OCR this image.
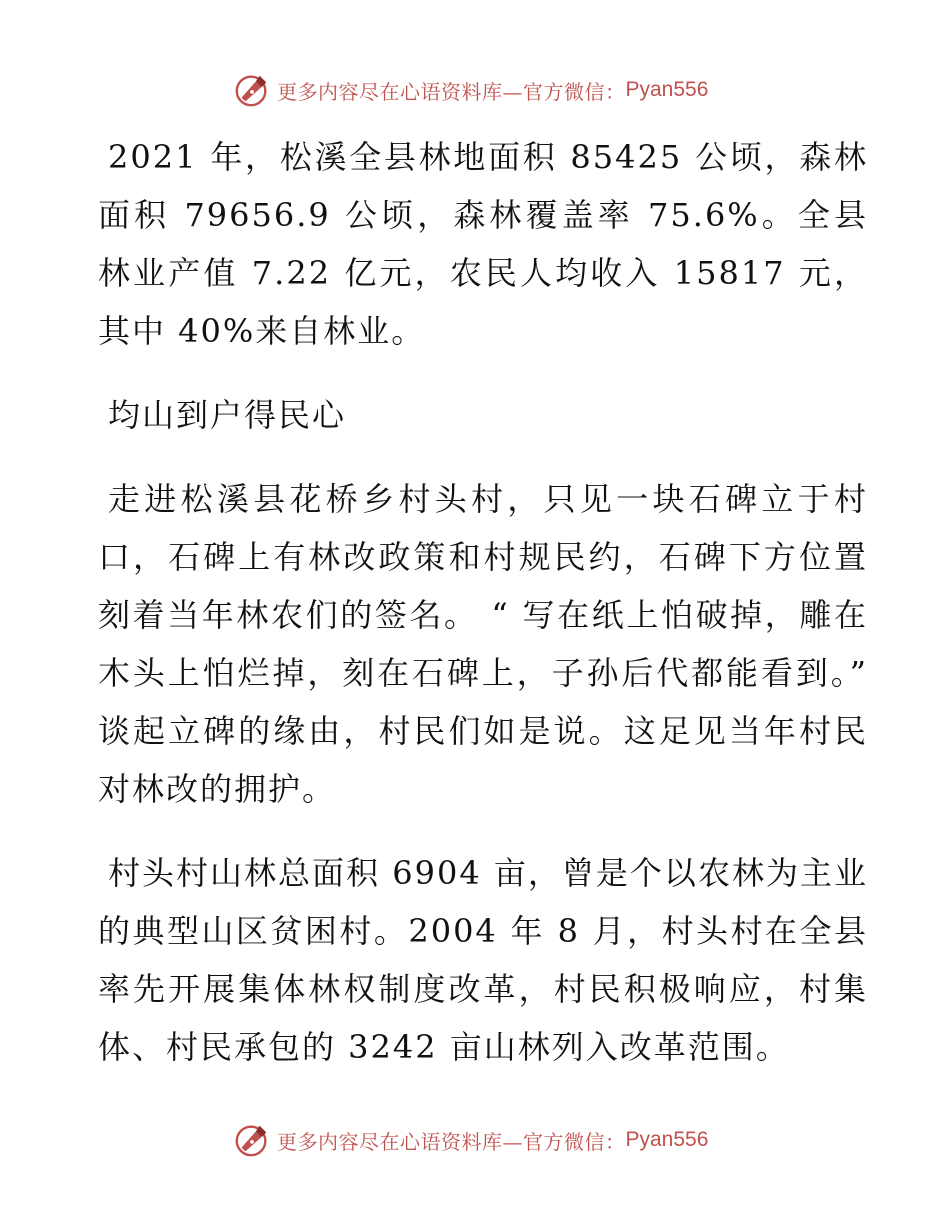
更多内容尽在心语资料库—官方微信： Pyan556

2021 年，松溪全县林地面积 85425 公顷，森林面积 79656.9 公顷，森林覆盖率 75.6%。全县林业产值 7.22 亿元，农民人均收入 15817 元，其中 40%来自林业。

均山到户得民心

走进松溪县花桥乡村头村，只见一块石碑立于村口，石碑上有林改政策和村规民约，石碑下方位置刻着当年林农们的签名。 “ 写在纸上怕破掉，雕在木头上怕烂掉，刻在石碑上，子孙后代都能看到。” 谈起立碑的缘由，村民们如是说。这足见当年村民对林改的拥护。

村头村山林总面积 6904 亩，曾是个以农林为主业的典型山区贫困村。2004 年 8 月，村头村在全县率先开展集体林权制度改革，村民积极响应，村集体、村民承包的 3242 亩山林列入改革范围。

更多内容尽在心语资料库—官方微信： Pyan556
